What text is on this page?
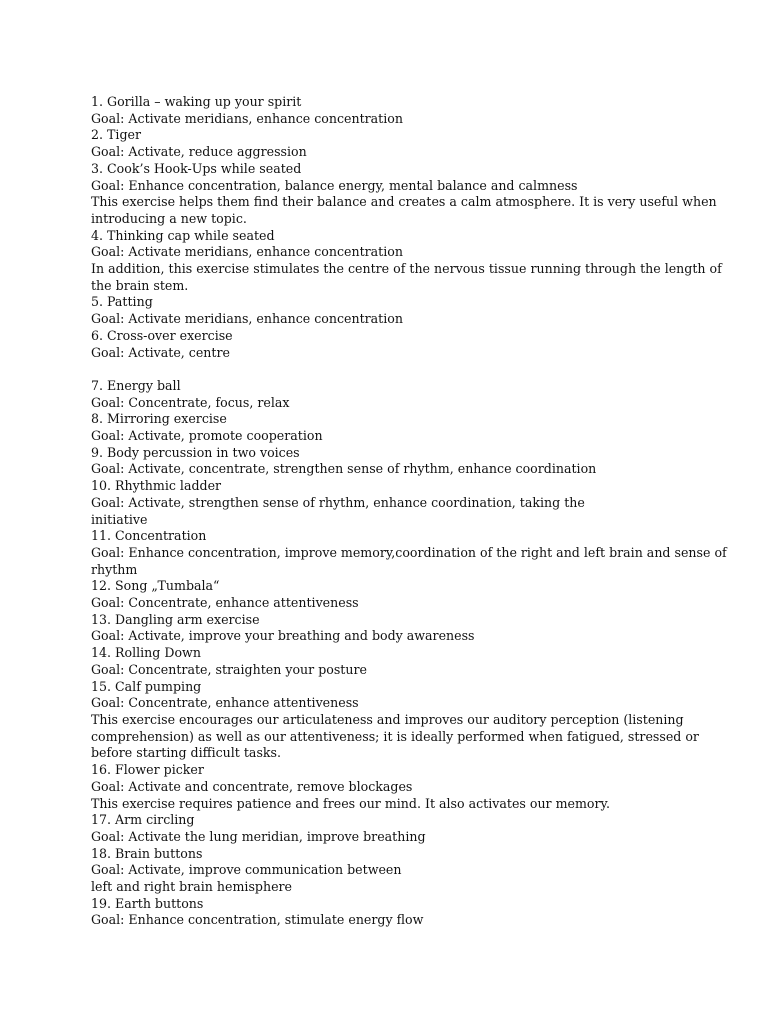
1. Gorilla – waking up your spirit
Goal: Activate meridians, enhance concentration
2. Tiger
Goal: Activate, reduce aggression
3. Cook’s Hook-Ups while seated
Goal: Enhance concentration, balance energy, mental balance and calmness
This exercise helps them find their balance and creates a calm atmosphere. It is very useful when
introducing a new topic.
4. Thinking cap while seated
Goal: Activate meridians, enhance concentration
In addition, this exercise stimulates the centre of the nervous tissue running through the length of
the brain stem.
5. Patting
Goal: Activate meridians, enhance concentration
6. Cross-over exercise
Goal: Activate, centre
7. Energy ball
Goal: Concentrate, focus, relax
8. Mirroring exercise
Goal: Activate, promote cooperation
9. Body percussion in two voices
Goal: Activate, concentrate, strengthen sense of rhythm, enhance coordination
10. Rhythmic ladder
Goal: Activate, strengthen sense of rhythm, enhance coordination, taking the
initiative
11. Concentration
Goal: Enhance concentration, improve memory,coordination of the right and left brain and sense of
rhythm
12. Song „Tumbala“
Goal: Concentrate, enhance attentiveness
13. Dangling arm exercise
Goal: Activate, improve your breathing and body awareness
14. Rolling Down
Goal: Concentrate, straighten your posture
15. Calf pumping
Goal: Concentrate, enhance attentiveness
This exercise encourages our articulateness and improves our auditory perception (listening
comprehension) as well as our attentiveness; it is ideally performed when fatigued, stressed or
before starting difficult tasks.
16. Flower picker
Goal: Activate and concentrate, remove blockages
This exercise requires patience and frees our mind. It also activates our memory.
17. Arm circling
Goal: Activate the lung meridian, improve breathing
18. Brain buttons
Goal: Activate, improve communication between
left and right brain hemisphere
19. Earth buttons
Goal: Enhance concentration, stimulate energy flow
